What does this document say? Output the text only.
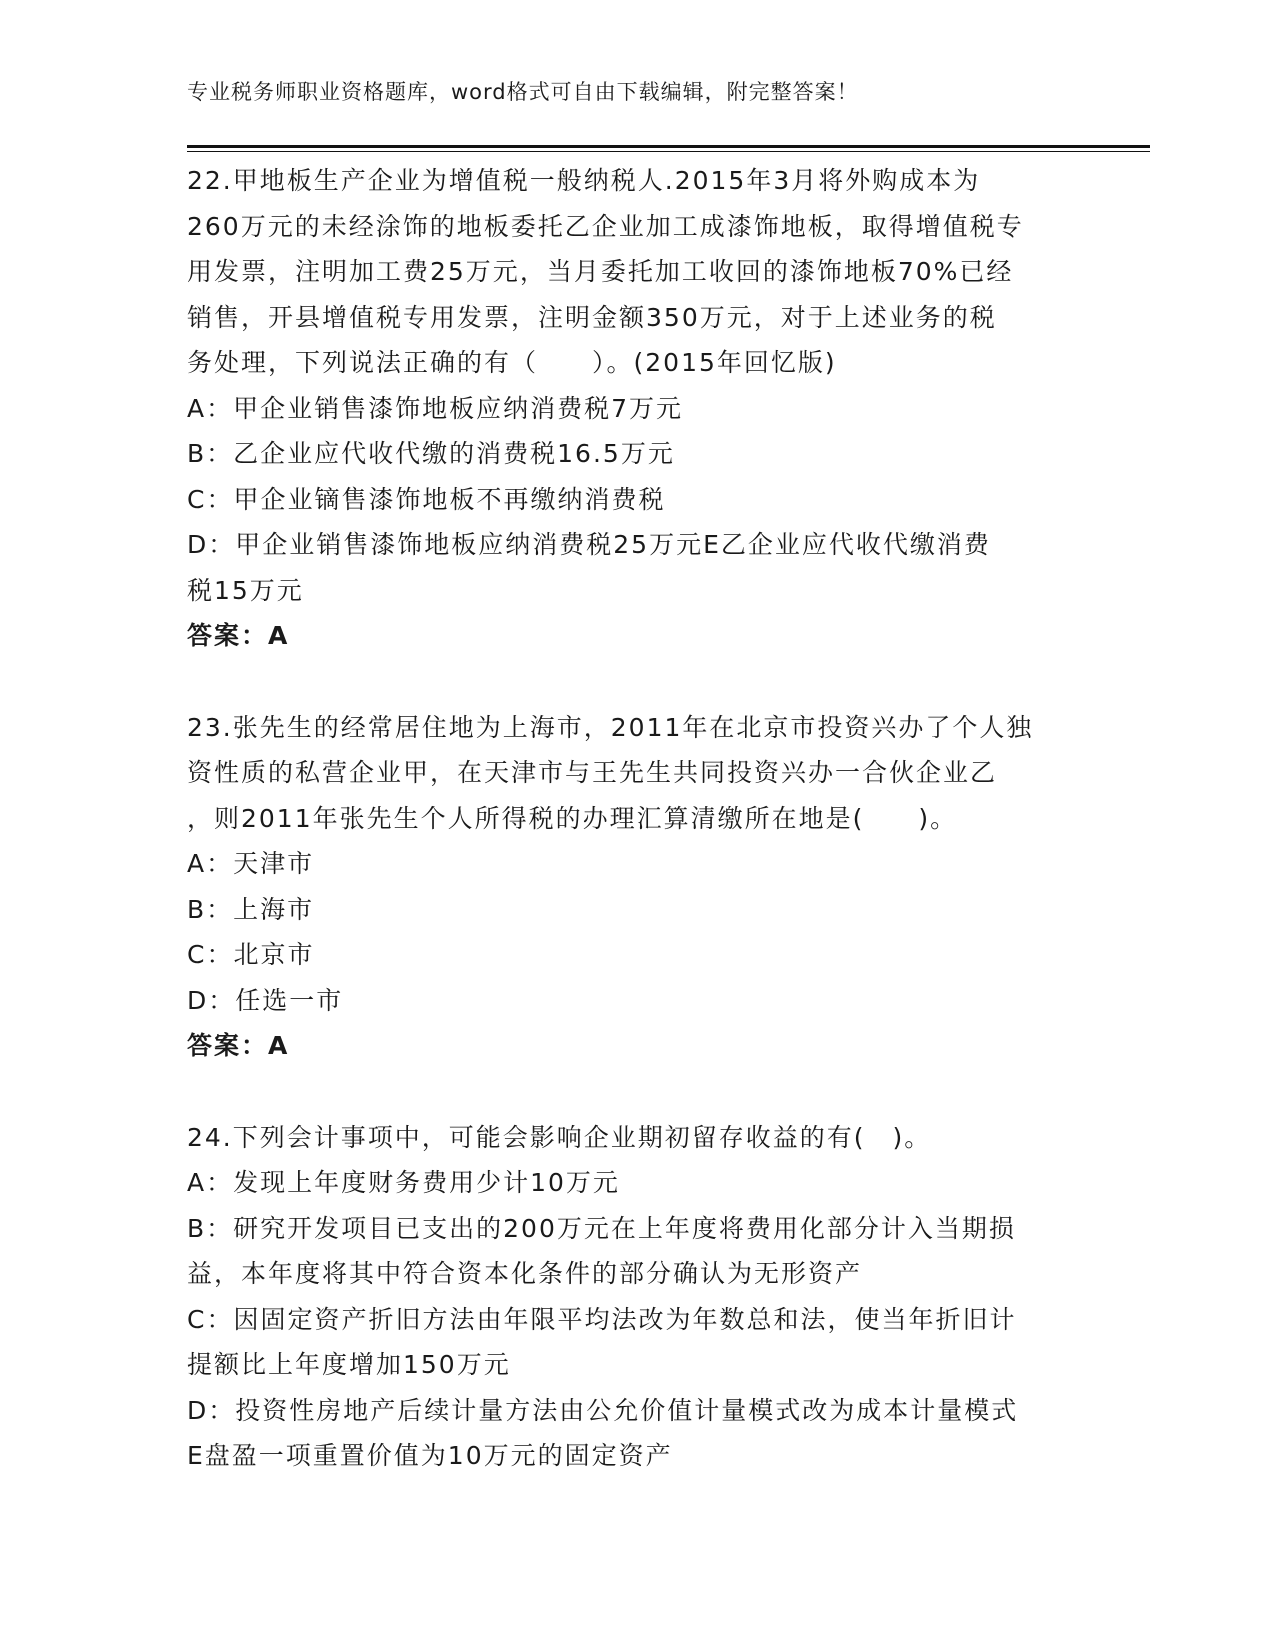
专业税务师职业资格题库，word格式可自由下载编辑，附完整答案！
22.甲地板生产企业为增值税一般纳税人.2015年3月将外购成本为
260万元的未经涂饰的地板委托乙企业加工成漆饰地板，取得增值税专
用发票，注明加工费25万元，当月委托加工收回的漆饰地板70%已经
销售，开县增值税专用发票，注明金额350万元，对于上述业务的税
务处理，下列说法正确的有（　　）。(2015年回忆版)
A：甲企业销售漆饰地板应纳消费税7万元
B：乙企业应代收代缴的消费税16.5万元
C：甲企业镝售漆饰地板不再缴纳消费税
D：甲企业销售漆饰地板应纳消费税25万元E乙企业应代收代缴消费
税15万元
答案：A
23.张先生的经常居住地为上海市，2011年在北京市投资兴办了个人独
资性质的私营企业甲，在天津市与王先生共同投资兴办一合伙企业乙
，则2011年张先生个人所得税的办理汇算清缴所在地是(　　)。
A：天津市
B：上海市
C：北京市
D：任选一市
答案：A
24.下列会计事项中，可能会影响企业期初留存收益的有(　)。
A：发现上年度财务费用少计10万元
B：研究开发项目已支出的200万元在上年度将费用化部分计入当期损
益，本年度将其中符合资本化条件的部分确认为无形资产
C：因固定资产折旧方法由年限平均法改为年数总和法，使当年折旧计
提额比上年度增加150万元
D：投资性房地产后续计量方法由公允价值计量模式改为成本计量模式
E盘盈一项重置价值为10万元的固定资产
